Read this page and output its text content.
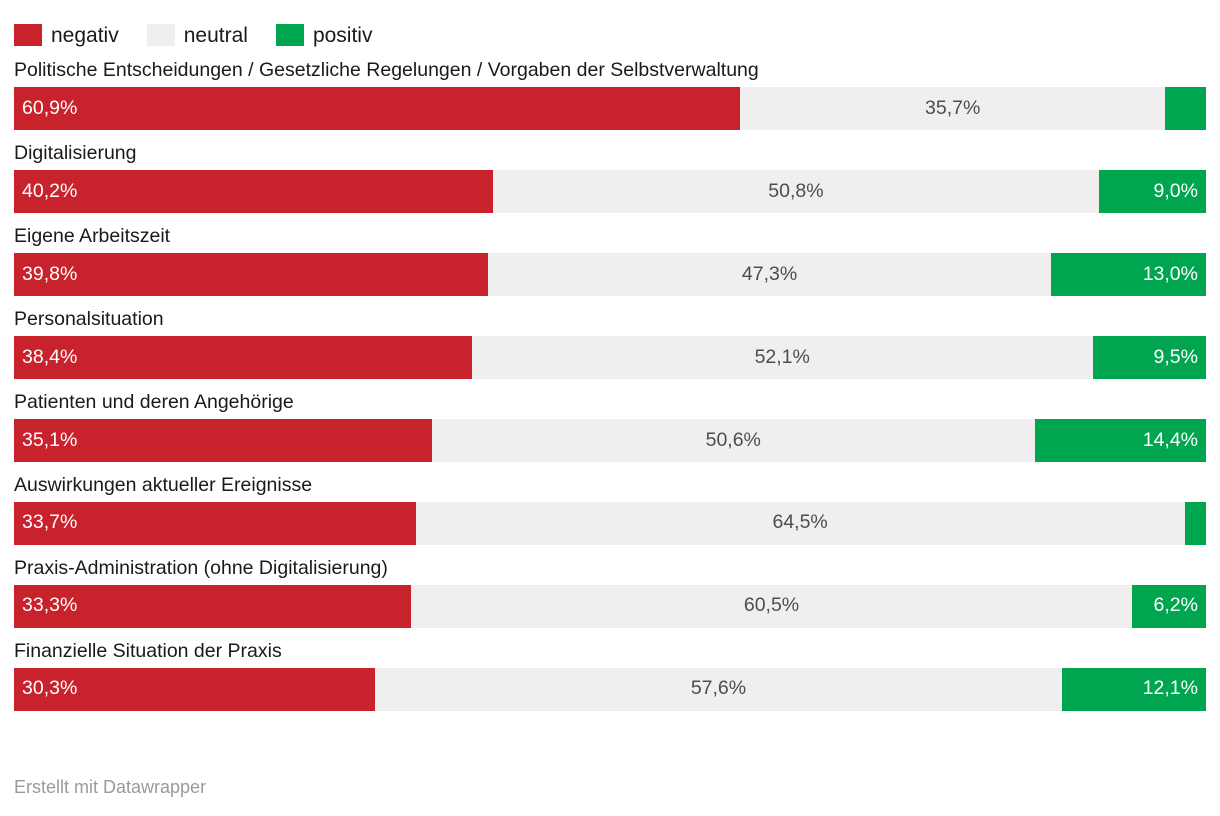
negativ	neutral	positiv
Politische Entscheidungen / Gesetzliche Regelungen / Vorgaben der Selbstverwaltung
60,9%	35,7%
Digitalisierung
40,2%	50,8%	9,0%
Eigene Arbeitszeit
39,8%	47,3%	13,0%
Personalsituation
38,4%	52,1%	9,5%
Patienten und deren Angehörige
35,1%	50,6%	14,4%
Auswirkungen aktueller Ereignisse
33,7%	64,5%
Praxis-Administration (ohne Digitalisierung)
33,3%	60,5%	6,2%
Finanzielle Situation der Praxis
30,3%	57,6%	12,1%
Erstellt mit Datawrapper
